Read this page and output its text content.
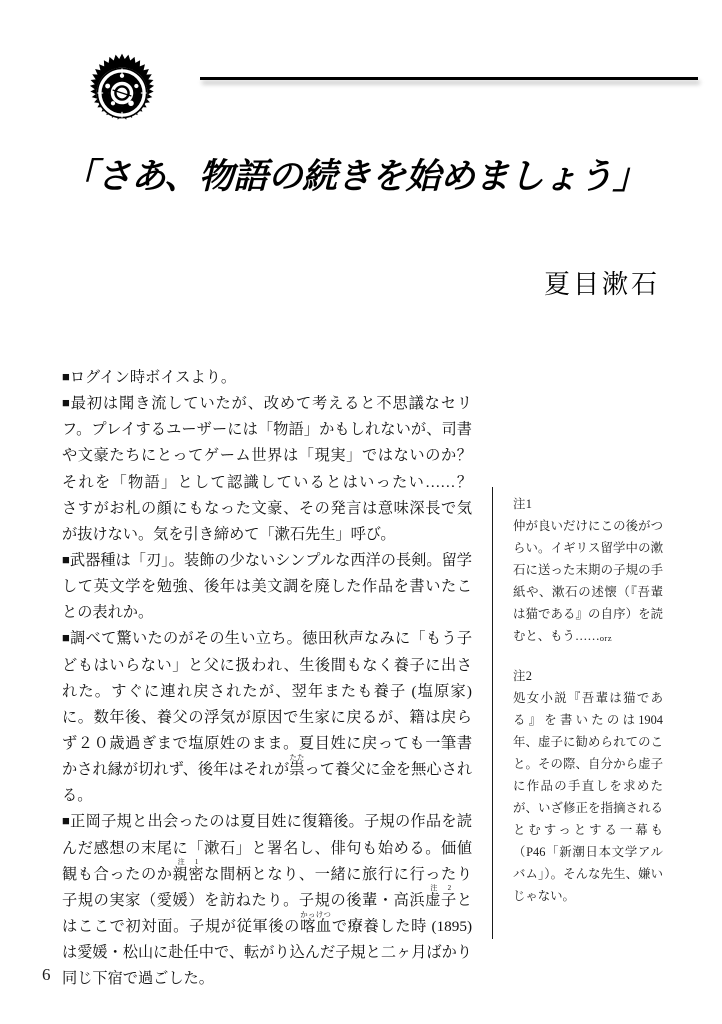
「さあ、物語の続きを始めましょう」
夏目漱石

■ログイン時ボイスより。

■最初は聞き流していたが、改めて考えると不思議なセリフ。プレイするユーザーには「物語」かもしれないが、司書や文豪たちにとってゲーム世界は「現実」ではないのか？　それを「物語」として認識しているとはいったい……？　さすがお札の顔にもなった文豪、その発言は意味深長で気が抜けない。気を引き締めて「漱石先生」呼び。

■武器種は「刃」。装飾の少ないシンプルな西洋の長剣。留学して英文学を勉強、後年は美文調を廃した作品を書いたことの表れか。

■調べて驚いたのがその生い立ち。徳田秋声なみに「もう子どもはいらない」と父に扱われ、生後間もなく養子に出された。すぐに連れ戻されたが、翌年またも養子 (塩原家) に。数年後、養父の浮気が原因で生家に戻るが、籍は戻らず２０歳過ぎまで塩原姓のまま。夏目姓に戻っても一筆書かされ縁が切れず、後年はそれが祟たたって養父に金を無心される。

■正岡子規と出会ったのは夏目姓に復籍後。子規の作品を読んだ感想の末尾に「漱石」と署名し、俳句も始める。価値観も合ったのか親密注1な間柄となり、一緒に旅行に行ったり子規の実家（愛媛）を訪ねたり。子規の後輩・高浜虚子注2とはここで初対面。子規が従軍後の喀血かっけつで療養した時 (1895) は愛媛・松山に赴任中で、転がり込んだ子規と二ヶ月ばかり同じ下宿で過ごした。

注1
仲が良いだけにこの後がつらい。イギリス留学中の漱石に送った末期の子規の手紙や、漱石の述懐（『吾輩は猫である』の自序）を読むと、もう……orz

注2
処女小説『吾輩は猫である』を書いたのは1904 年、虚子に勧められてのこと。その際、自分から虚子に作品の手直しを求めたが、いざ修正を指摘されるとむすっとする一幕も（P46「新潮日本文学アルバム」）。そんな先生、嫌いじゃない。

6
